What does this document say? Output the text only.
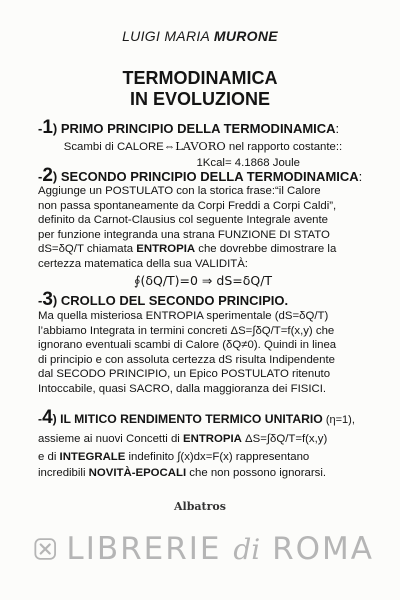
LUIGI MARIA MURONE
TERMODINAMICA
IN EVOLUZIONE
-1) PRIMO PRINCIPIO DELLA TERMODINAMICA:
Scambi di CALORE⇔LAVORO nel rapporto costante::
1Kcal= 4.1868 Joule
-2) SECONDO PRINCIPIO DELLA TERMODINAMICA:
Aggiunge un POSTULATO con la storica frase:“il Calore
non passa spontaneamente da Corpi Freddi a Corpi Caldi”,
definito da Carnot-Clausius col seguente Integrale avente
per funzione integranda una strana FUNZIONE DI STATO
dS=δQ/T chiamata ENTROPIA che dovrebbe dimostrare la
certezza matematica della sua VALIDITÀ:
∮(δQ/T)=0 ⇒ dS=δQ/T
-3) CROLLO DEL SECONDO PRINCIPIO.
Ma quella misteriosa ENTROPIA sperimentale (dS=δQ/T)
l’abbiamo Integrata in termini concreti ΔS=∫δQ/T=f(x,y) che
ignorano eventuali scambi di Calore (δQ≠0). Quindi in linea
di principio e con assoluta certezza dS risulta Indipendente
dal SECODO PRINCIPIO, un Epico POSTULATO ritenuto
Intoccabile, quasi SACRO, dalla maggioranza dei FISICI.
-4) IL MITICO RENDIMENTO TERMICO UNITARIO (η=1),
assieme ai nuovi Concetti di ENTROPIA ΔS=∫δQ/T=f(x,y)
e di INTEGRALE indefinito ∫(x)dx=F(x) rappresentano
incredibili NOVITÀ-EPOCALI che non possono ignorarsi.
Albatros
LIBRERIE di ROMA
